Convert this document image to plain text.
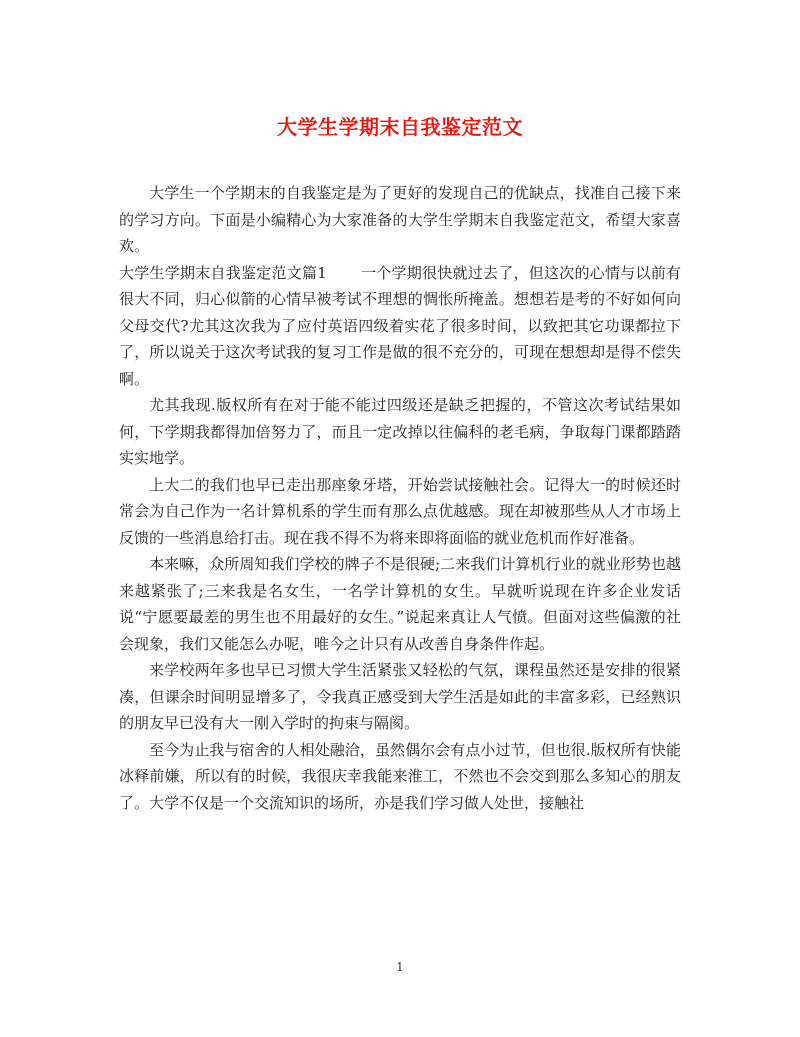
大学生学期末自我鉴定范文

大学生一个学期末的自我鉴定是为了更好的发现自己的优缺点，找准自己接下来的学习方向。下面是小编精心为大家准备的大学生学期末自我鉴定范文，希望大家喜欢。

大学生学期末自我鉴定范文篇1 一个学期很快就过去了，但这次的心情与以前有很大不同，归心似箭的心情早被考试不理想的惆怅所掩盖。想想若是考的不好如何向父母交代?尤其这次我为了应付英语四级着实花了很多时间，以致把其它功课都拉下了，所以说关于这次考试我的复习工作是做的很不充分的，可现在想想却是得不偿失啊。

尤其我现.版权所有在对于能不能过四级还是缺乏把握的，不管这次考试结果如何，下学期我都得加倍努力了，而且一定改掉以往偏科的老毛病，争取每门课都踏踏实实地学。

上大二的我们也早已走出那座象牙塔，开始尝试接触社会。记得大一的时候还时常会为自己作为一名计算机系的学生而有那么点优越感。现在却被那些从人才市场上反馈的一些消息给打击。现在我不得不为将来即将面临的就业危机而作好准备。

本来嘛，众所周知我们学校的牌子不是很硬;二来我们计算机行业的就业形势也越来越紧张了;三来我是名女生，一名学计算机的女生。早就听说现在许多企业发话说“宁愿要最差的男生也不用最好的女生。”说起来真让人气愤。但面对这些偏激的社会现象，我们又能怎么办呢，唯今之计只有从改善自身条件作起。

来学校两年多也早已习惯大学生活紧张又轻松的气氛，课程虽然还是安排的很紧凑，但课余时间明显增多了，令我真正感受到大学生活是如此的丰富多彩，已经熟识的朋友早已没有大一刚入学时的拘束与隔阂。

至今为止我与宿舍的人相处融洽，虽然偶尔会有点小过节，但也很.版权所有快能冰释前嫌，所以有的时候，我很庆幸我能来淮工，不然也不会交到那么多知心的朋友了。大学不仅是一个交流知识的场所，亦是我们学习做人处世，接触社

1
